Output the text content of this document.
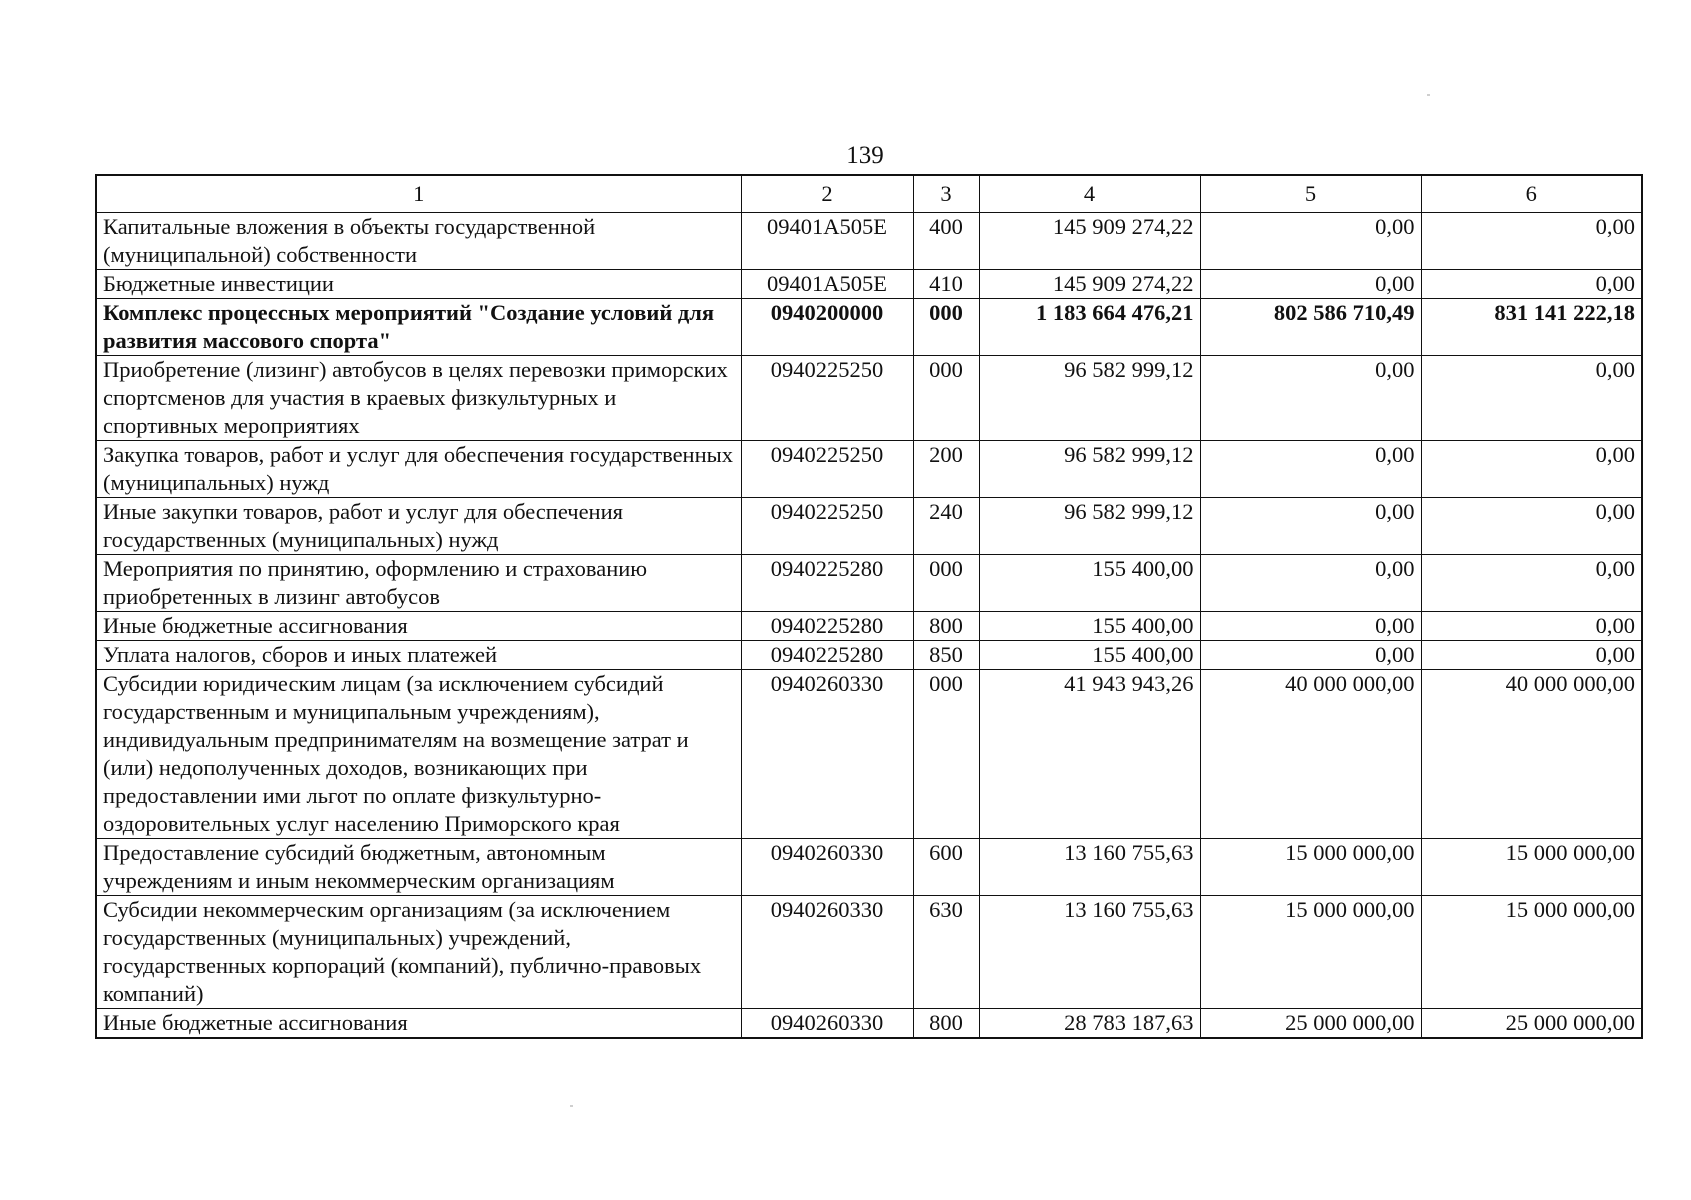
139
1	2	3	4	5	6
Капитальные вложения в объекты государственной (муниципальной) собственности	09401A505E	400	145 909 274,22	0,00	0,00
Бюджетные инвестиции	09401A505E	410	145 909 274,22	0,00	0,00
Комплекс процессных мероприятий "Создание условий для развития массового спорта"	0940200000	000	1 183 664 476,21	802 586 710,49	831 141 222,18
Приобретение (лизинг) автобусов в целях перевозки приморских спортсменов для участия в краевых физкультурных и спортивных мероприятиях	0940225250	000	96 582 999,12	0,00	0,00
Закупка товаров, работ и услуг для обеспечения государственных (муниципальных) нужд	0940225250	200	96 582 999,12	0,00	0,00
Иные закупки товаров, работ и услуг для обеспечения государственных (муниципальных) нужд	0940225250	240	96 582 999,12	0,00	0,00
Мероприятия по принятию, оформлению и страхованию приобретенных в лизинг автобусов	0940225280	000	155 400,00	0,00	0,00
Иные бюджетные ассигнования	0940225280	800	155 400,00	0,00	0,00
Уплата налогов, сборов и иных платежей	0940225280	850	155 400,00	0,00	0,00
Субсидии юридическим лицам (за исключением субсидий государственным и муниципальным учреждениям), индивидуальным предпринимателям на возмещение затрат и (или) недополученных доходов, возникающих при предоставлении ими льгот по оплате физкультурно-оздоровительных услуг населению Приморского края	0940260330	000	41 943 943,26	40 000 000,00	40 000 000,00
Предоставление субсидий бюджетным, автономным учреждениям и иным некоммерческим организациям	0940260330	600	13 160 755,63	15 000 000,00	15 000 000,00
Субсидии некоммерческим организациям (за исключением государственных (муниципальных) учреждений, государственных корпораций (компаний), публично-правовых компаний)	0940260330	630	13 160 755,63	15 000 000,00	15 000 000,00
Иные бюджетные ассигнования	0940260330	800	28 783 187,63	25 000 000,00	25 000 000,00
